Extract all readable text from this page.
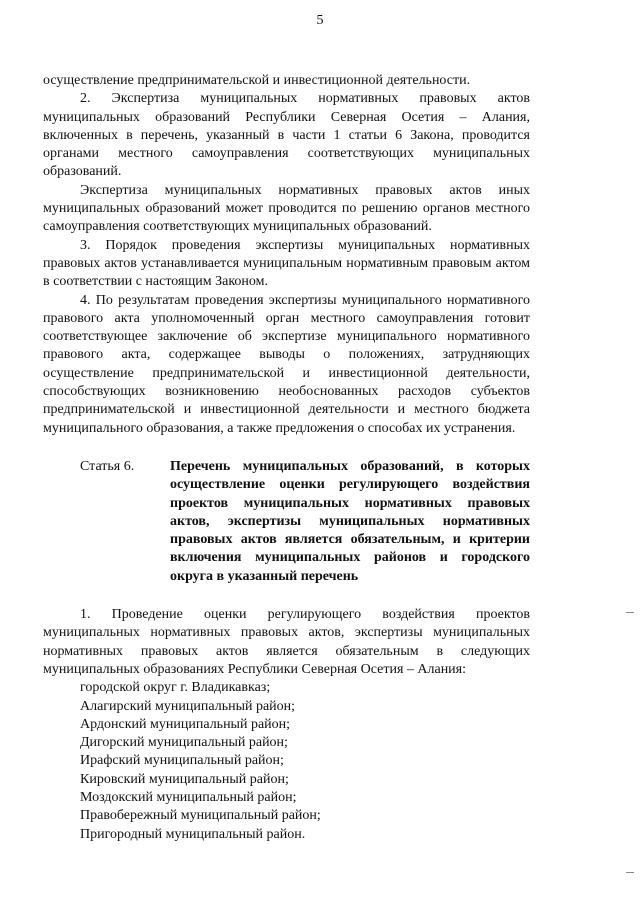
5

осуществление предпринимательской и инвестиционной деятельности.

2. Экспертиза муниципальных нормативных правовых актов муниципальных образований Республики Северная Осетия – Алания, включенных в перечень, указанный в части 1 статьи 6 Закона, проводится органами местного самоуправления соответствующих муниципальных образований.

Экспертиза муниципальных нормативных правовых актов иных муниципальных образований может проводится по решению органов местного самоуправления соответствующих муниципальных образований.

3. Порядок проведения экспертизы муниципальных нормативных правовых актов устанавливается муниципальным нормативным правовым актом в соответствии с настоящим Законом.

4. По результатам проведения экспертизы муниципального нормативного правового акта уполномоченный орган местного самоуправления готовит соответствующее заключение об экспертизе муниципального нормативного правового акта, содержащее выводы о положениях, затрудняющих осуществление предпринимательской и инвестиционной деятельности, способствующих возникновению необоснованных расходов субъектов предпринимательской и инвестиционной деятельности и местного бюджета муниципального образования, а также предложения о способах их устранения.

Статья 6.	Перечень муниципальных образований, в которых осуществление оценки регулирующего воздействия проектов муниципальных нормативных правовых актов, экспертизы муниципальных нормативных правовых актов является обязательным, и критерии включения муниципальных районов и городского округа в указанный перечень

1. Проведение оценки регулирующего воздействия проектов муниципальных нормативных правовых актов, экспертизы муниципальных нормативных правовых актов является обязательным в следующих муниципальных образованиях Республики Северная Осетия – Алания:

городской округ г. Владикавказ;
Алагирский муниципальный район;
Ардонский муниципальный район;
Дигорский муниципальный район;
Ирафский муниципальный район;
Кировский муниципальный район;
Моздокский муниципальный район;
Правобережный муниципальный район;
Пригородный муниципальный район.
